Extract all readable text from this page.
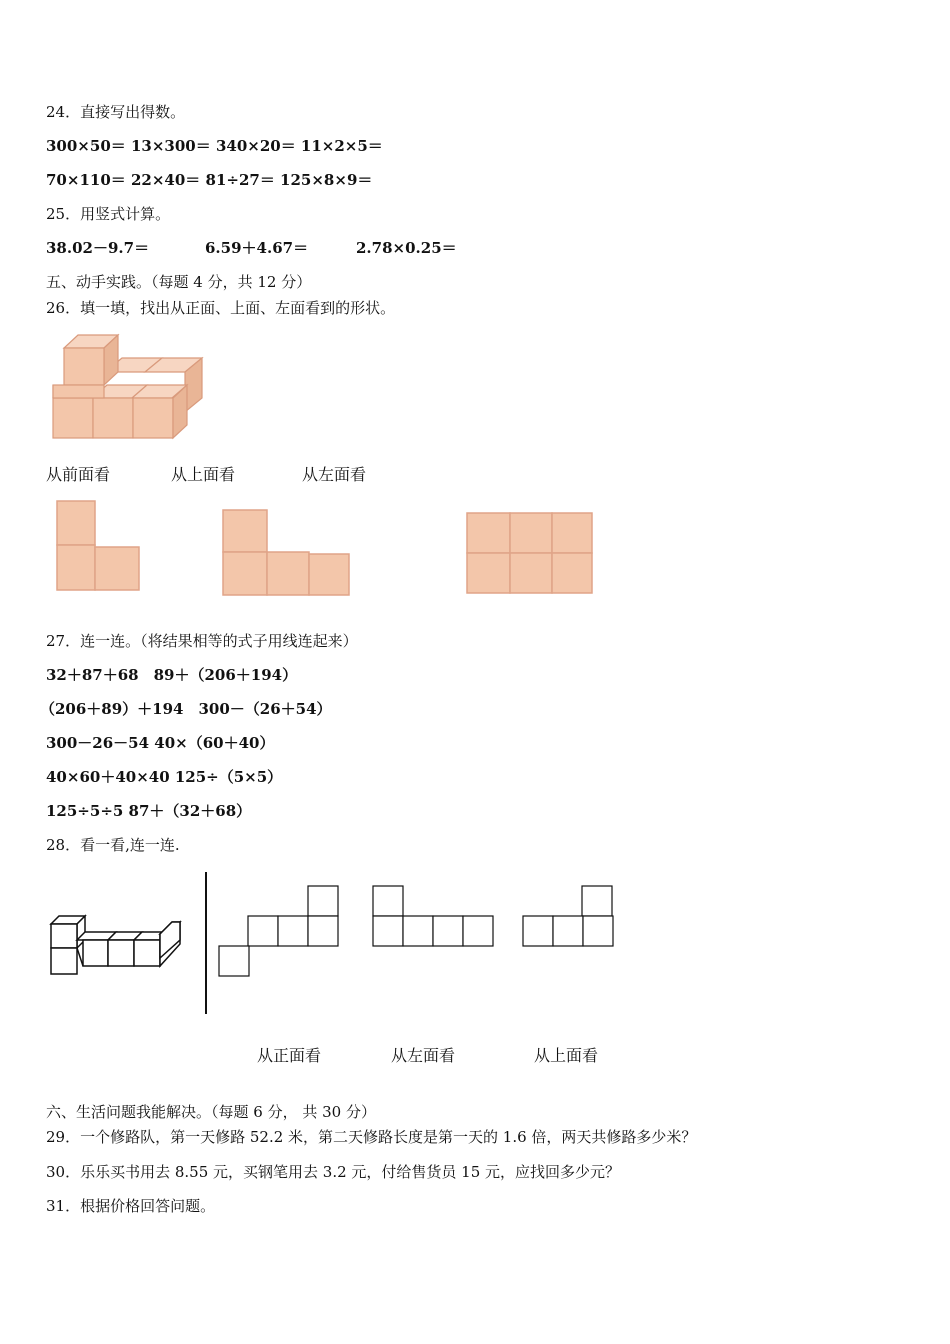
24．直接写出得数。
300×50＝ 13×300＝ 340×20＝ 11×2×5＝
70×110＝ 22×40＝ 81÷27＝ 125×8×9＝
25．用竖式计算。
38.02－9.7＝	6.59＋4.67＝	2.78×0.25＝
五、动手实践。（每题 4 分，共 12 分）
26．填一填，找出从正面、上面、左面看到的形状。
从前面看	从上面看	从左面看
27．连一连。（将结果相等的式子用线连起来）
32＋87＋68　89＋（206＋194）
（206＋89）＋194　300－（26＋54）
300－26－54 40×（60＋40）
40×60＋40×40 125÷（5×5）
125÷5÷5 87＋（32＋68）
28．看一看,连一连.
从正面看	从左面看	从上面看
六、生活问题我能解决。（每题 6 分， 共 30 分）
29．一个修路队，第一天修路 52.2 米，第二天修路长度是第一天的 1.6 倍，两天共修路多少米？
30．乐乐买书用去 8.55 元，买钢笔用去 3.2 元，付给售货员 15 元，应找回多少元？
31．根据价格回答问题。
